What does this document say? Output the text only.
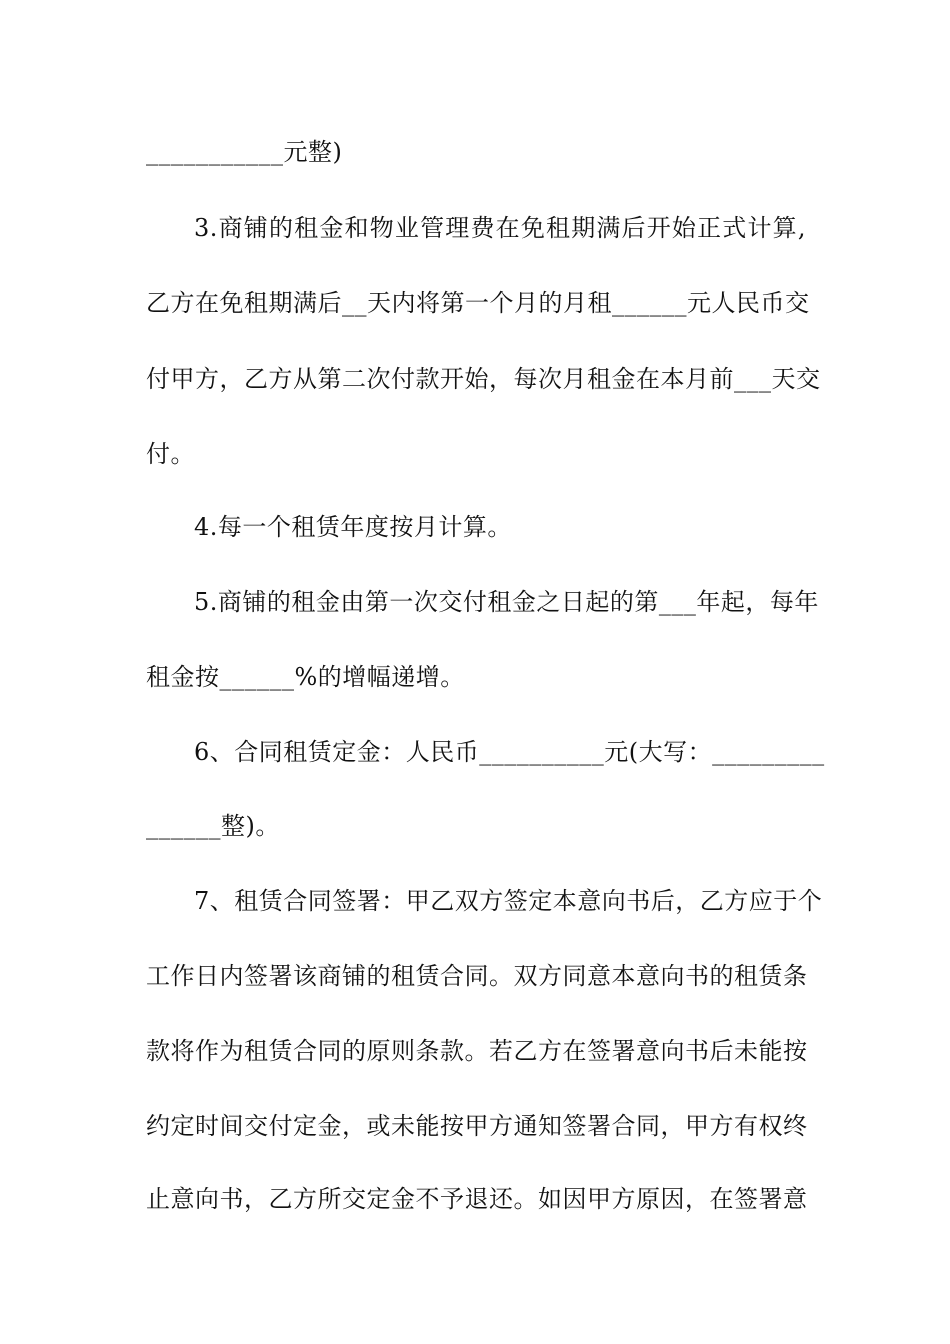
___________元整)
3.商铺的租金和物业管理费在免租期满后开始正式计算,
乙方在免租期满后__天内将第一个月的月租______元人民币交
付甲方，乙方从第二次付款开始，每次月租金在本月前___天交
付。
4.每一个租赁年度按月计算。
5.商铺的租金由第一次交付租金之日起的第___年起，每年
租金按______%的增幅递增。
6、合同租赁定金：人民币__________元(大写：_________
______整)。
7、租赁合同签署：甲乙双方签定本意向书后，乙方应于个
工作日内签署该商铺的租赁合同。双方同意本意向书的租赁条
款将作为租赁合同的原则条款。若乙方在签署意向书后未能按
约定时间交付定金，或未能按甲方通知签署合同，甲方有权终
止意向书，乙方所交定金不予退还。如因甲方原因，在签署意
